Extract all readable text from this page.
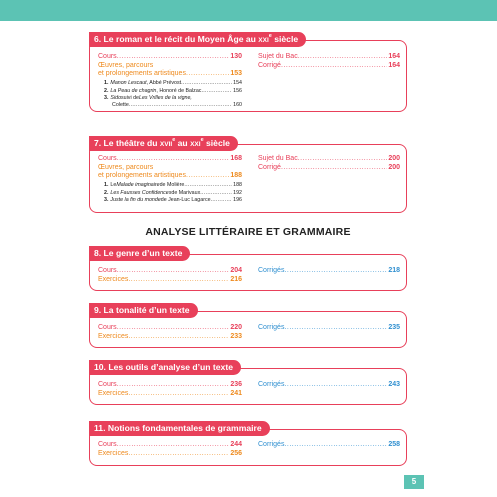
6. Le roman et le récit du Moyen Âge au XXIe siècle
Cours .....	130
Œuvres, parcours
et prolongements artistiques .....	153
1. Manon Lescaut , Abbé Prévost .....	154
2. La Peau de chagrin , Honoré de Balzac .....	156
3. Sido suivi de Les Vrilles de la vigne,
Colette .....	160
Sujet du Bac .....	164
Corrigé .....	164
7. Le théâtre du XVIIe au XXIe siècle
Cours .....	168
Œuvres, parcours
et prolongements artistiques .....	188
1. Le Malade imaginaire de Molière .....	188
2. Les Fausses Confidences de Marivaux .....	192
3. Juste la fin du monde de Jean-Luc Lagarce .....	196
Sujet du Bac .....	200
Corrigé .....	200
ANALYSE LITTÉRAIRE ET GRAMMAIRE
8. Le genre d’un texte
Cours .....	204
Exercices .....	216
Corrigés .....	218
9. La tonalité d’un texte
Cours .....	220
Exercices .....	233
Corrigés .....	235
10. Les outils d’analyse d’un texte
Cours .....	236
Exercices .....	241
Corrigés .....	243
11. Notions fondamentales de grammaire
Cours .....	244
Exercices .....	256
Corrigés .....	258
5
